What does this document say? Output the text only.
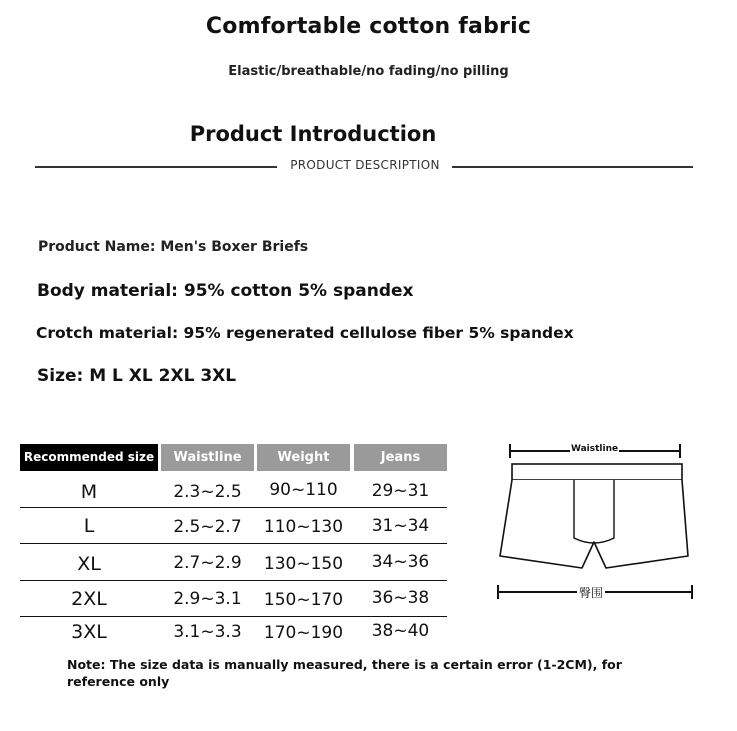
Comfortable cotton fabric
Elastic/breathable/no fading/no pilling
Product Introduction
PRODUCT DESCRIPTION
Product Name: Men's Boxer Briefs
Body material: 95% cotton 5% spandex
Crotch material: 95% regenerated cellulose fiber 5% spandex
Size: M L XL 2XL 3XL
Recommended size	Waistline	Weight	Jeans
M	2.3~2.5	90~110	29~31
L	2.5~2.7	110~130	31~34
XL	2.7~2.9	130~150	34~36
2XL	2.9~3.1	150~170	36~38
3XL	3.1~3.3	170~190	38~40
Waistline
臀围
Note: The size data is manually measured, there is a certain error (1-2CM), for reference only
